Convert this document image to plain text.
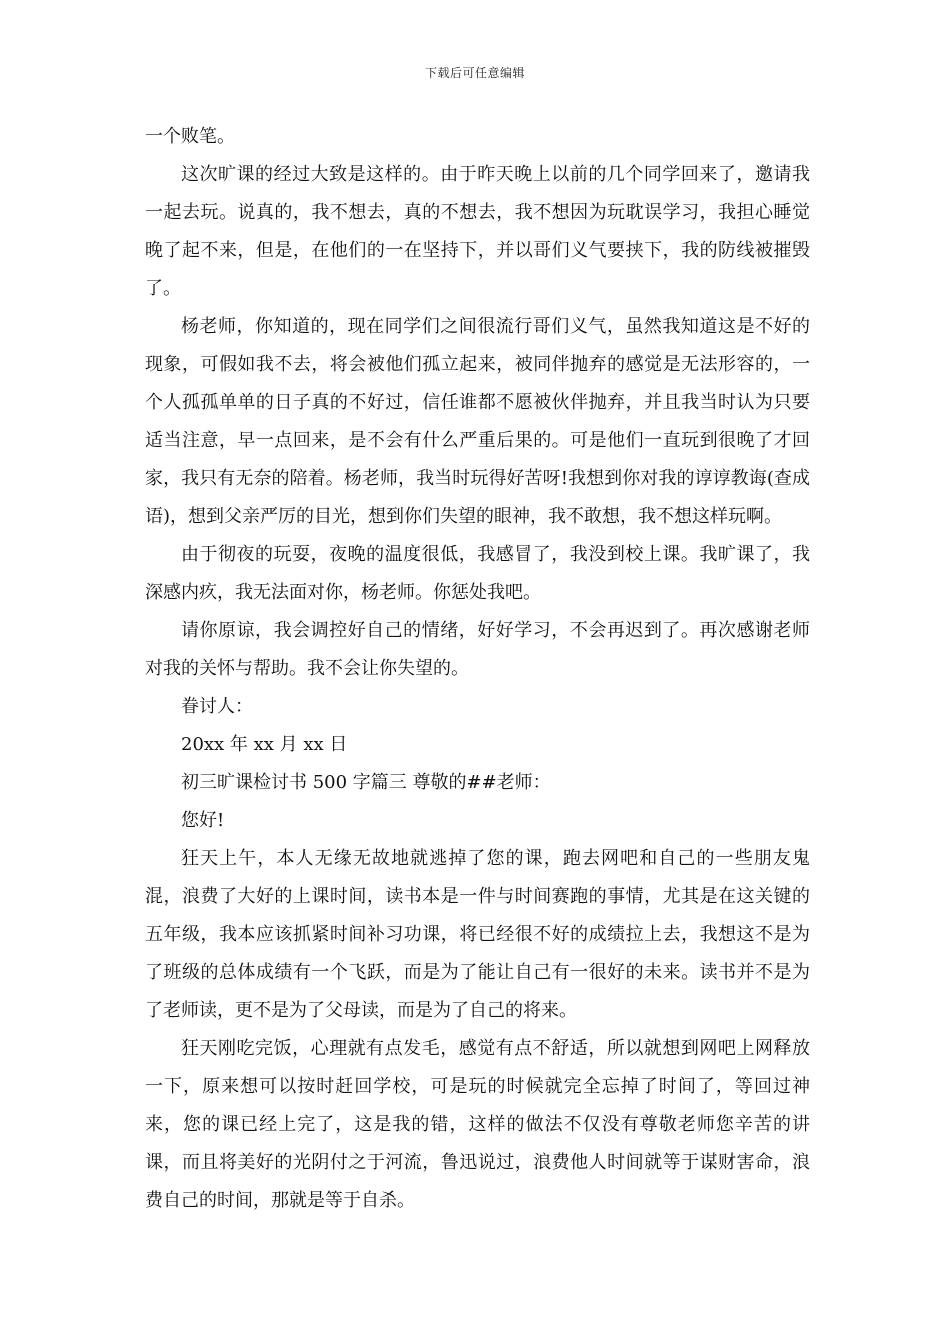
下载后可任意编辑

一个败笔。

这次旷课的经过大致是这样的。由于昨天晚上以前的几个同学回来了，邀请我一起去玩。说真的，我不想去，真的不想去，我不想因为玩耽误学习，我担心睡觉晚了起不来，但是，在他们的一在坚持下，并以哥们义气要挟下，我的防线被摧毁了。

杨老师，你知道的，现在同学们之间很流行哥们义气，虽然我知道这是不好的现象，可假如我不去，将会被他们孤立起来，被同伴抛弃的感觉是无法形容的，一个人孤孤单单的日子真的不好过，信任谁都不愿被伙伴抛弃，并且我当时认为只要适当注意，早一点回来，是不会有什么严重后果的。可是他们一直玩到很晚了才回家，我只有无奈的陪着。杨老师，我当时玩得好苦呀!我想到你对我的谆谆教诲(查成语)，想到父亲严厉的目光，想到你们失望的眼神，我不敢想，我不想这样玩啊。

由于彻夜的玩耍，夜晚的温度很低，我感冒了，我没到校上课。我旷课了，我深感内疚，我无法面对你，杨老师。你惩处我吧。

请你原谅，我会调控好自己的情绪，好好学习，不会再迟到了。再次感谢老师对我的关怀与帮助。我不会让你失望的。

眷讨人：

20xx 年 xx 月 xx 日

初三旷课检讨书 500 字篇三 尊敬的##老师：

您好!

狂天上午，本人无缘无故地就逃掉了您的课，跑去网吧和自己的一些朋友鬼混，浪费了大好的上课时间，读书本是一件与时间赛跑的事情，尤其是在这关键的五年级，我本应该抓紧时间补习功课，将已经很不好的成绩拉上去，我想这不是为了班级的总体成绩有一个飞跃，而是为了能让自己有一很好的未来。读书并不是为了老师读，更不是为了父母读，而是为了自己的将来。

狂天刚吃完饭，心理就有点发毛，感觉有点不舒适，所以就想到网吧上网释放一下，原来想可以按时赶回学校，可是玩的时候就完全忘掉了时间了，等回过神来，您的课已经上完了，这是我的错，这样的做法不仅没有尊敬老师您辛苦的讲课，而且将美好的光阴付之于河流，鲁迅说过，浪费他人时间就等于谋财害命，浪费自己的时间，那就是等于自杀。
